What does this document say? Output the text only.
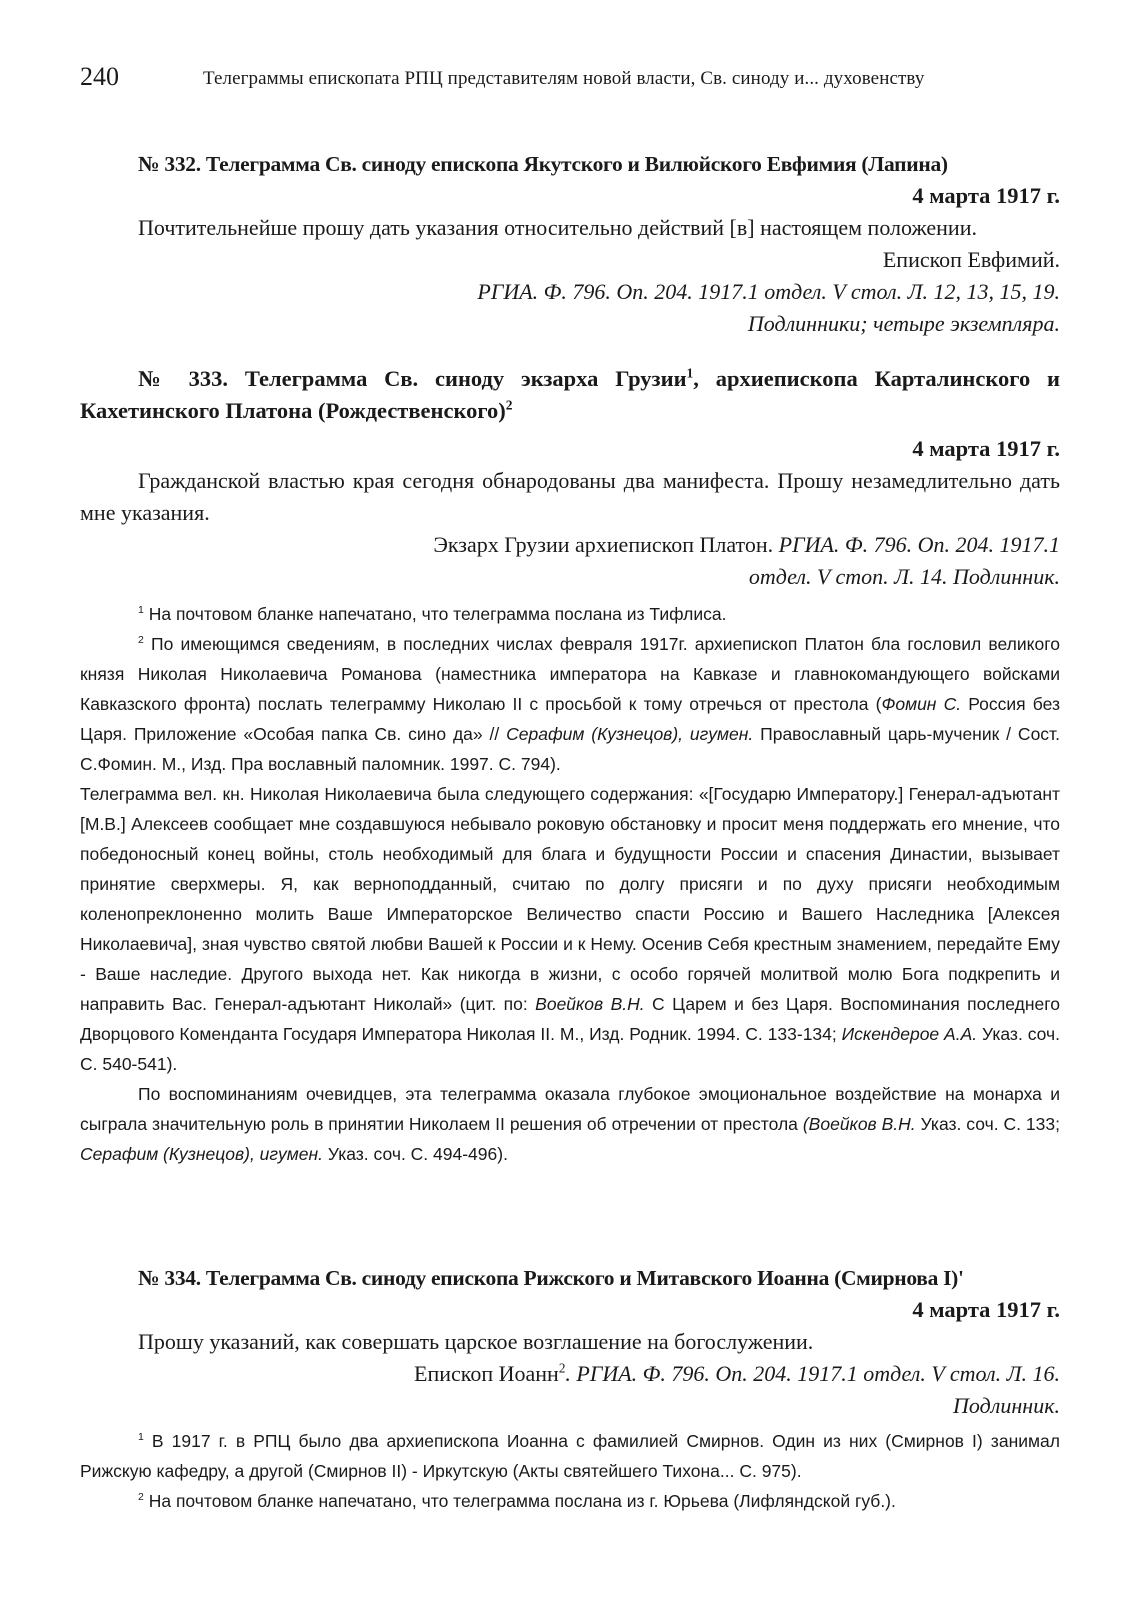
240	Телеграммы епископата РПЦ представителям новой власти, Св. синоду и... духовенству
№ 332. Телеграмма Св. синоду епископа Якутского и Вилюйского Евфимия (Лапина)
4 марта 1917 г.
Почтительнейше прошу дать указания относительно действий [в] настоящем положении.
Епископ Евфимий.
РГИА. Ф. 796. Оп. 204. 1917.1 отдел. V стол. Л. 12, 13, 15, 19.
Подлинники; четыре экземпляра.
№ 333. Телеграмма Св. синоду экзарха Грузии$^1$, архиепископа Карталинского и Кахетинского Платона (Рождественского)$^2$
4 марта 1917 г.
Гражданской властью края сегодня обнародованы два манифеста. Прошу незамедлительно дать мне указания.
Экзарх Грузии архиепископ Платон. РГИА. Ф. 796. Оп. 204. 1917.1
отдел. V стоп. Л. 14. Подлинник.

$^1$ На почтовом бланке напечатано, что телеграмма послана из Тифлиса.

$^2$ По имеющимся сведениям, в последних числах февраля 1917г. архиепископ Платон бла гословил великого князя Николая Николаевича Романова (наместника императора на Кавказе и главнокомандующего войсками Кавказского фронта) послать телеграмму Николаю II с просьбой к тому отречься от престола (Фомин С. Россия без Царя. Приложение «Особая папка Св. сино да» // Серафим (Кузнецов), игумен. Православный царь-мученик / Сост. С.Фомин. М., Изд. Пра вославный паломник. 1997. С. 794).

Телеграмма вел. кн. Николая Николаевича была следующего содержания: «[Государю Императору.] Генерал-адъютант [М.В.] Алексеев сообщает мне создавшуюся небывало роковую обстановку и просит меня поддержать его мнение, что победоносный конец войны, столь необходимый для блага и будущности России и спасения Династии, вызывает принятие сверхмеры. Я, как верноподданный, считаю по долгу присяги и по духу присяги необходимым коленопреклоненно молить Ваше Императорское Величество спасти Россию и Вашего Наследника [Алексея Николаевича], зная чувство святой любви Вашей к России и к Нему. Осенив Себя крестным знамением, передайте Ему - Ваше наследие. Другого выхода нет. Как никогда в жизни, с особо горячей молитвой молю Бога подкрепить и направить Вас. Генерал-адъютант Николай» (цит. по: Воейков В.Н. С Царем и без Царя. Воспоминания последнего Дворцового Коменданта Государя Императора Николая II. М., Изд. Родник. 1994. С. 133-134; Искендерое А.А. Указ. соч. С. 540-541).

По воспоминаниям очевидцев, эта телеграмма оказала глубокое эмоциональное воздействие на монарха и сыграла значительную роль в принятии Николаем II решения об отречении от престола (Воейков В.Н. Указ. соч. С. 133; Серафим (Кузнецов), игумен. Указ. соч. С. 494-496).

№ 334. Телеграмма Св. синоду епископа Рижского и Митавского Иоанна (Смирнова I)'
4 марта 1917 г.
Прошу указаний, как совершать царское возглашение на богослужении.
Епископ Иоанн$^2$. РГИА. Ф. 796. Оп. 204. 1917.1 отдел. V стол. Л. 16.
Подлинник.

$^1$ В 1917 г. в РПЦ было два архиепископа Иоанна с фамилией Смирнов. Один из них (Смирнов I) занимал Рижскую кафедру, а другой (Смирнов II) - Иркутскую (Акты святейшего Тихона... С. 975).

$^2$ На почтовом бланке напечатано, что телеграмма послана из г. Юрьева (Лифляндской губ.).
